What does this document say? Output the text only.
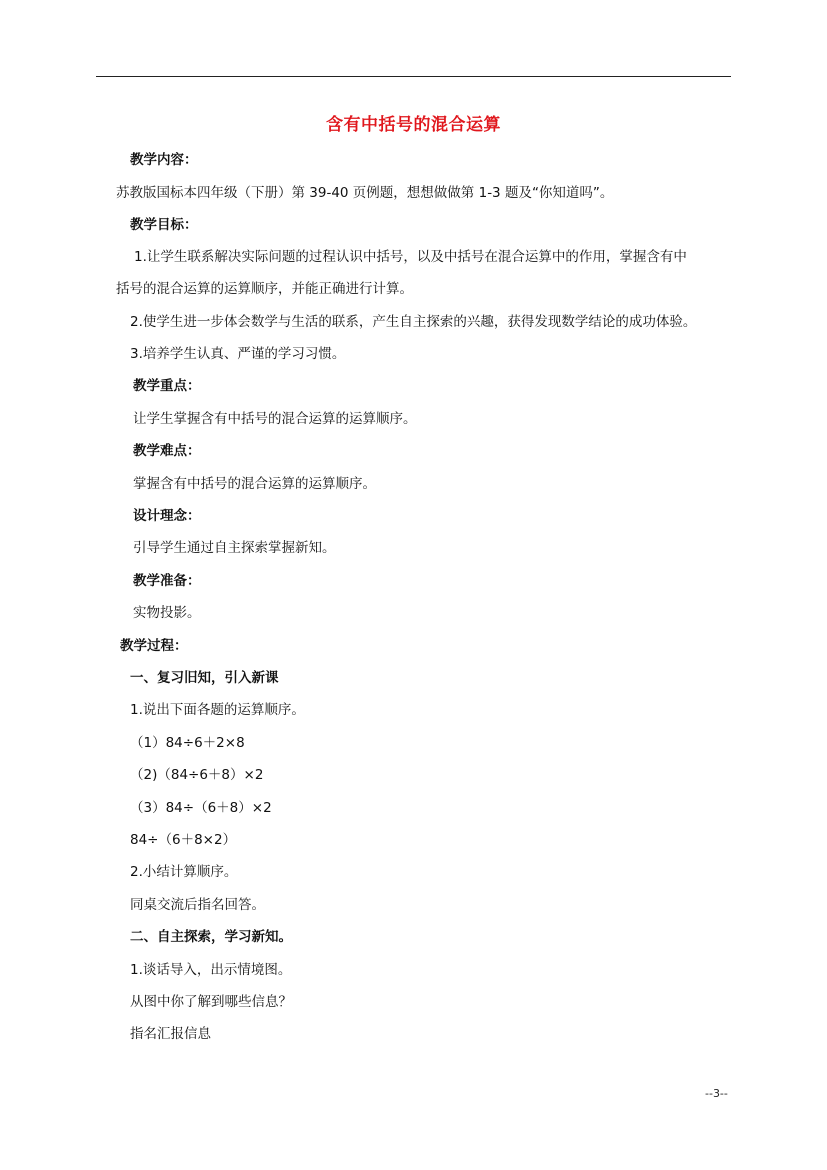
含有中括号的混合运算
教学内容：
苏教版国标本四年级（下册）第 39-40 页例题，想想做做第 1-3 题及“你知道吗”。
教学目标：
1.让学生联系解决实际问题的过程认识中括号，以及中括号在混合运算中的作用，掌握含有中
括号的混合运算的运算顺序，并能正确进行计算。
2.使学生进一步体会数学与生活的联系，产生自主探索的兴趣，获得发现数学结论的成功体验。
3.培养学生认真、严谨的学习习惯。
教学重点：
让学生掌握含有中括号的混合运算的运算顺序。
教学难点：
掌握含有中括号的混合运算的运算顺序。
设计理念：
引导学生通过自主探索掌握新知。
教学准备：
实物投影。
教学过程：
一、复习旧知，引入新课
1.说出下面各题的运算顺序。
（1）84÷6＋2×8
（2)（84÷6＋8）×2
（3）84÷（6＋8）×2
84÷（6＋8×2）
2.小结计算顺序。
同桌交流后指名回答。
二、自主探索，学习新知。
1.谈话导入，出示情境图。
从图中你了解到哪些信息？
指名汇报信息
--3--
